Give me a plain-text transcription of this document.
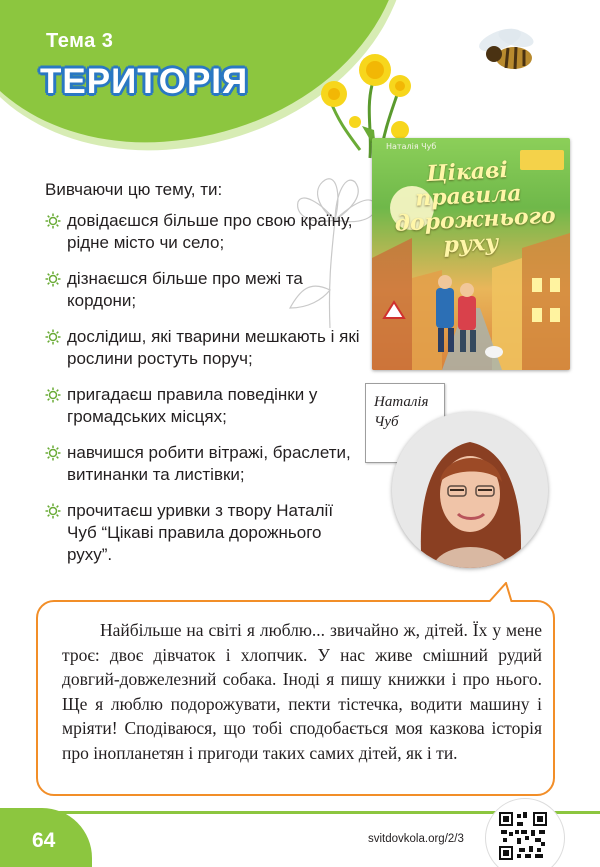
Тема 3
ТЕРИТОРІЯ
Вивчаючи цю тему, ти:
довідаєшся більше про свою країну, рідне місто чи село;
дізнаєшся більше про межі та кордони;
дослідиш, які тварини мешкають і які рослини ростуть поруч;
пригадаєш правила поведінки у громадських місцях;
навчишся робити вітражі, браслети, витинанки та листівки;
прочитаєш уривки з твору Наталії Чуб “Цікаві правила дорожнього руху”.
Наталія Чуб
Цікаві правила дорожнього руху
Наталія Чуб

Найбільше на світі я люблю... звичайно ж, дітей. Їх у мене троє: двоє дівчаток і хлопчик. У нас живе смішний рудий довгий-довжелезний собака. Іноді я пишу книжки і про нього. Ще я люблю подорожувати, пекти тістечка, водити машину і мріяти! Сподіваюся, що тобі сподобається моя казкова історія про інопланетян і пригоди таких самих дітей, як і ти.

64	svitdovkola.org/2/3
